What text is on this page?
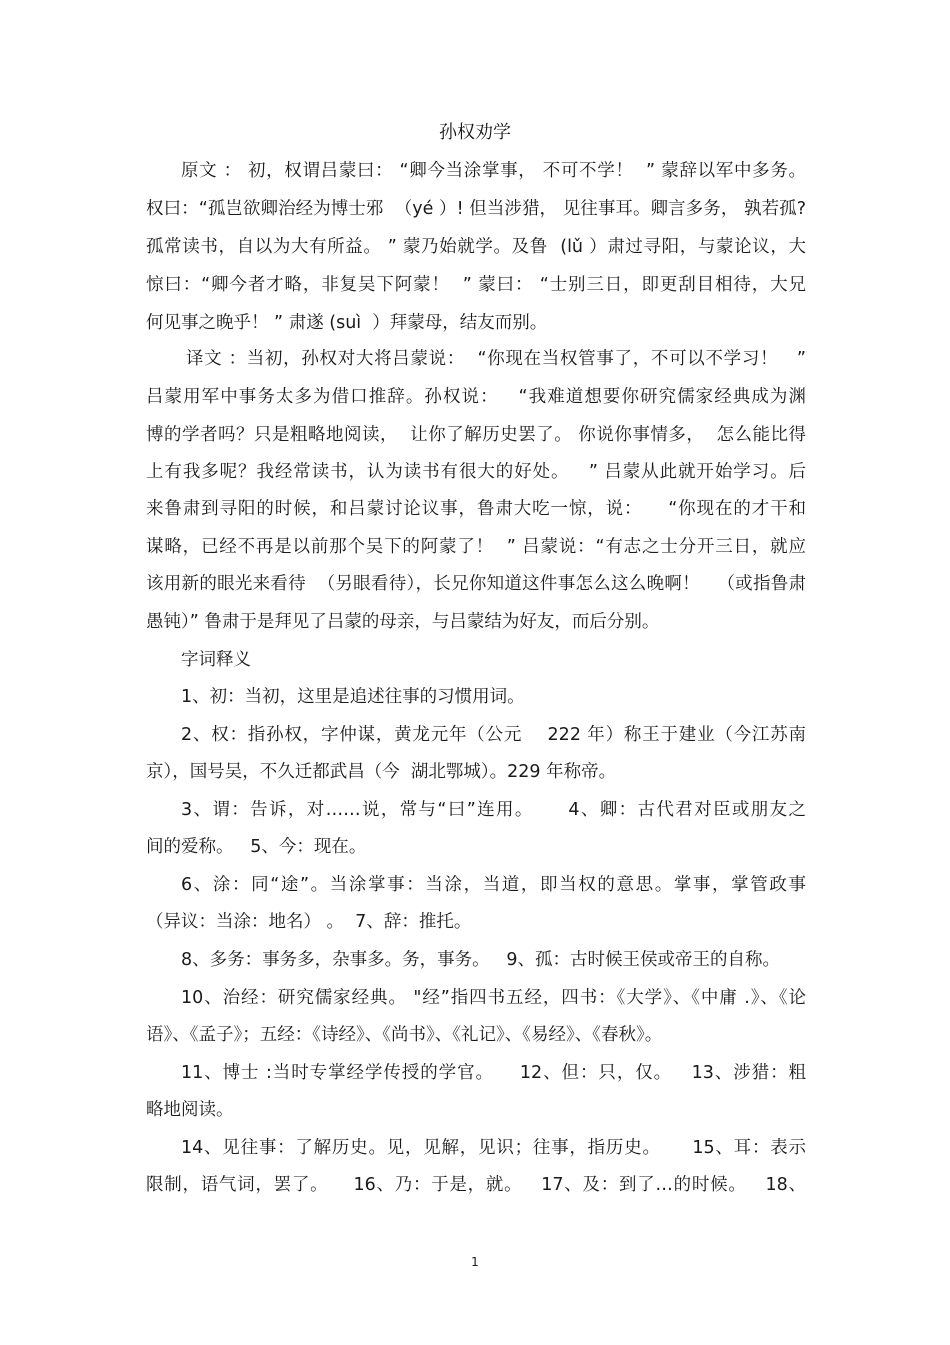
孙权劝学
原文 ： 初，权谓吕蒙曰： “卿今当涂掌事， 不可不学！  ” 蒙辞以军中多务。
权曰：“孤岂欲卿治经为博士邪  （yé ）! 但当涉猎， 见往事耳。卿言多务， 孰若孤?
孤常读书，自以为大有所益。 ” 蒙乃始就学。及鲁  (lǔ ）肃过寻阳，与蒙论议，大
惊曰：“卿今者才略，非复吴下阿蒙！  ” 蒙曰： “士别三日，即更刮目相待，大兄
何见事之晚乎！ ” 肃遂 (suì  ）拜蒙母，结友而别。
译文 ：当初，孙权对大将吕蒙说：  “你现在当权管事了，不可以不学习！   ”
吕蒙用军中事务太多为借口推辞。孙权说：   “我难道想要你研究儒家经典成为渊
博的学者吗？只是粗略地阅读，  让你了解历史罢了。 你说你事情多，  怎么能比得
上有我多呢？我经常读书，认为读书有很大的好处。   ” 吕蒙从此就开始学习。后
来鲁肃到寻阳的时候，和吕蒙讨论议事，鲁肃大吃一惊，说：    “你现在的才干和
谋略，已经不再是以前那个吴下的阿蒙了！  ” 吕蒙说：“有志之士分开三日，就应
该用新的眼光来看待  （另眼看待），长兄你知道这件事怎么这么晚啊！   （或指鲁肃
愚钝）” 鲁肃于是拜见了吕蒙的母亲，与吕蒙结为好友，而后分别。
字词释义
1、初：当初，这里是追述往事的习惯用词。
2、权：指孙权，字仲谋，黄龙元年（公元    222 年）称王于建业（今江苏南
京），国号吴，不久迁都武昌（今  湖北鄂城）。229 年称帝。
3、谓：告诉，对……说，常与“曰”连用。     4、卿：古代君对臣或朋友之
间的爱称。   5、今：现在。
6、涂：同“途”。当涂掌事：当涂，当道，即当权的意思。掌事，掌管政事
（异议：当涂：地名） 。  7、辞：推托。
8、多务：事务多，杂事多。务，事务。   9、孤：古时候王侯或帝王的自称。
10、治经：研究儒家经典。 "经”指四书五经，四书：《大学》、《中庸 .》、《论
语》、《孟子》；五经：《诗经》、《尚书》、《礼记》、《易经》、《春秋》。
11、博士 :当时专掌经学传授的学官。    12、但：只，仅。   13、涉猎：粗
略地阅读。
14、见往事：了解历史。见，见解，见识；往事，指历史。     15、耳：表示
限制，语气词，罢了。    16、乃：于是，就。   17、及：到了…的时候。   18、
1
